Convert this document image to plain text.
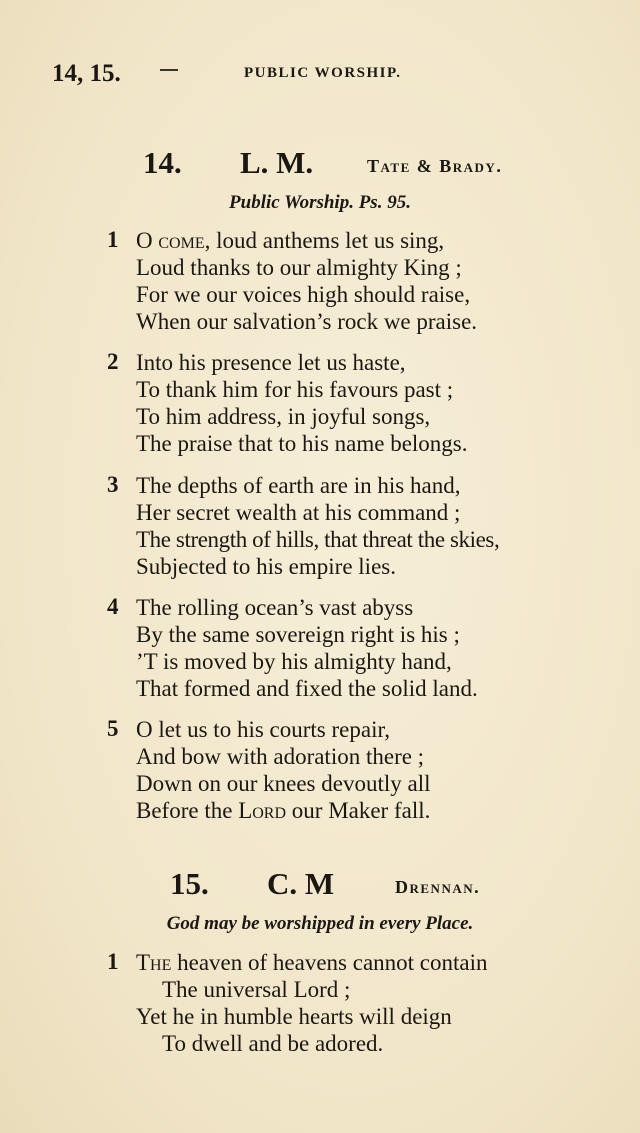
14, 15.	PUBLIC WORSHIP.
14. L. M.	Tate & Brady.
Public Worship. Ps. 95.
1 O come, loud anthems let us sing,
Loud thanks to our almighty King ;
For we our voices high should raise,
When our salvation’s rock we praise.
2 Into his presence let us haste,
To thank him for his favours past ;
To him address, in joyful songs,
The praise that to his name belongs.
3 The depths of earth are in his hand,
Her secret wealth at his command ;
The strength of hills, that threat the skies,
Subjected to his empire lies.
4 The rolling ocean’s vast abyss
By the same sovereign right is his ;
’T is moved by his almighty hand,
That formed and fixed the solid land.
5 O let us to his courts repair,
And bow with adoration there ;
Down on our knees devoutly all
Before the Lord our Maker fall.
15. C. M	Drennan.
God may be worshipped in every Place.
1 The heaven of heavens cannot contain
The universal Lord ;
Yet he in humble hearts will deign
To dwell and be adored.
